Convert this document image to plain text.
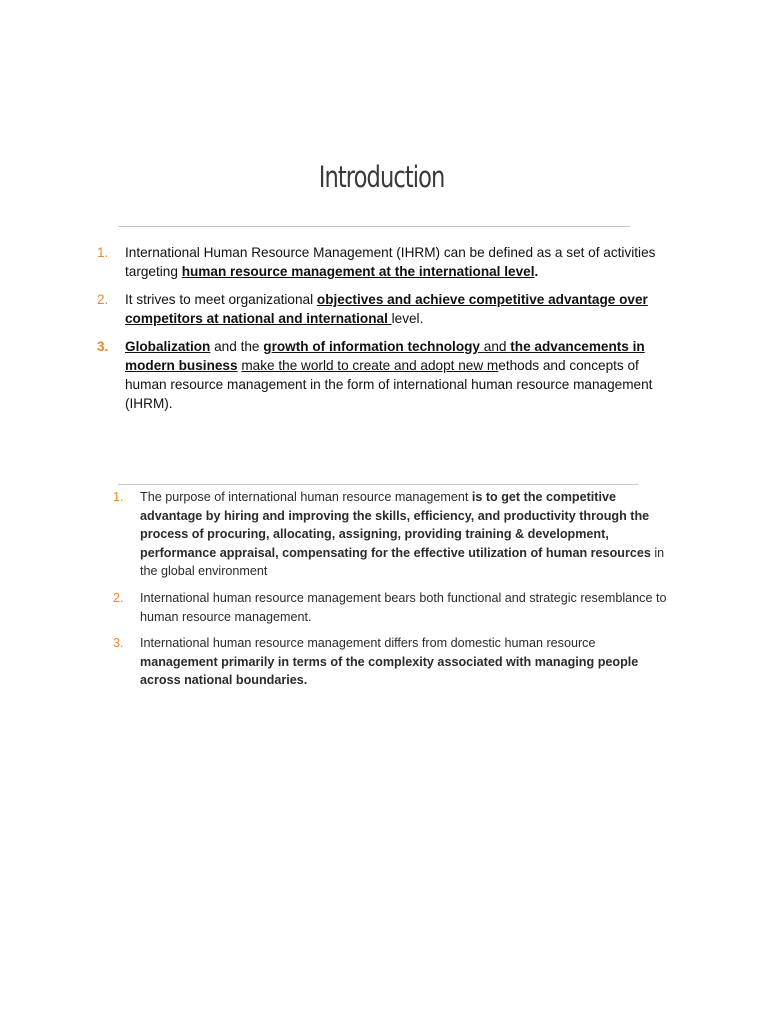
Introduction
1. International Human Resource Management (IHRM) can be defined as a set of activities targeting human resource management at the international level.
2. It strives to meet organizational objectives and achieve competitive advantage over competitors at national and international level.
3. Globalization and the growth of information technology and the advancements in modern business make the world to create and adopt new methods and concepts of human resource management in the form of international human resource management (IHRM).
1. The purpose of international human resource management is to get the competitive advantage by hiring and improving the skills, efficiency, and productivity through the process of procuring, allocating, assigning, providing training & development, performance appraisal, compensating for the effective utilization of human resources in the global environment
2. International human resource management bears both functional and strategic resemblance to human resource management.
3. International human resource management differs from domestic human resource management primarily in terms of the complexity associated with managing people across national boundaries.
